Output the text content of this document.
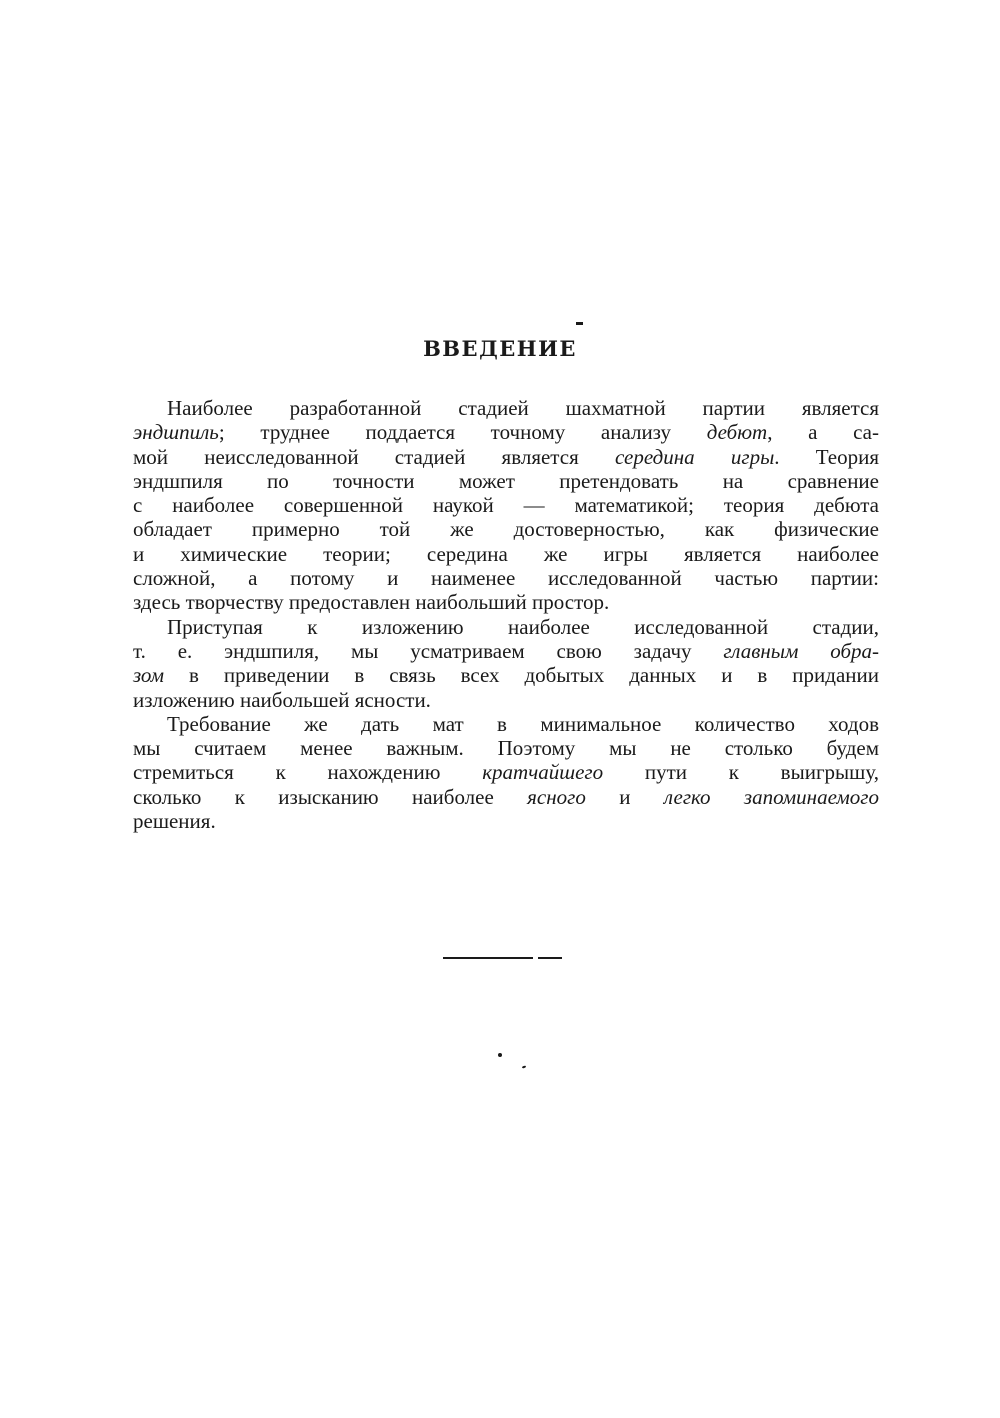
ВВЕДЕНИЕ
Наиболее разработанной стадией шахматной партии является
эндшпиль; труднее поддается точному анализу дебют, а са-
мой неисследованной стадией является середина игры. Теория
эндшпиля по точности может претендовать на сравнение
с наиболее совершенной наукой — математикой; теория дебюта
обладает примерно той же достоверностью, как физические
и химические теории; середина же игры является наиболее
сложной, а потому и наименее исследованной частью партии:
здесь творчеству предоставлен наибольший простор.
Приступая к изложению наиболее исследованной стадии,
т. е. эндшпиля, мы усматриваем свою задачу главным обра-
зом в приведении в связь всех добытых данных и в придании
изложению наибольшей ясности.
Требование же дать мат в минимальное количество ходов
мы считаем менее важным. Поэтому мы не столько будем
стремиться к нахождению кратчайшего пути к выигрышу,
сколько к изысканию наиболее ясного и легко запоминаемого
решения.
